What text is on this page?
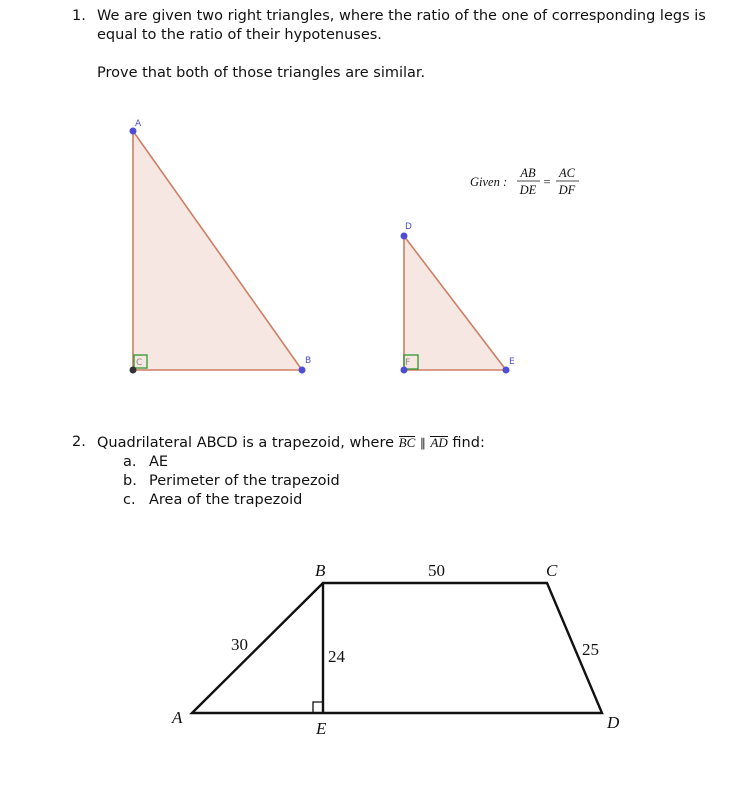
1. We are given two right triangles, where the ratio of the one of corresponding legs is
equal to the ratio of their hypotenuses.
Prove that both of those triangles are similar.
A
B
C
D
E
F
Given :
AB
DE
=
AC
DF
2. Quadrilateral ABCD is a trapezoid, where BC ∥ AD find:
a. AE
b. Perimeter of the trapezoid
c. Area of the trapezoid
B	C
A	D
E
50
30
24	25
